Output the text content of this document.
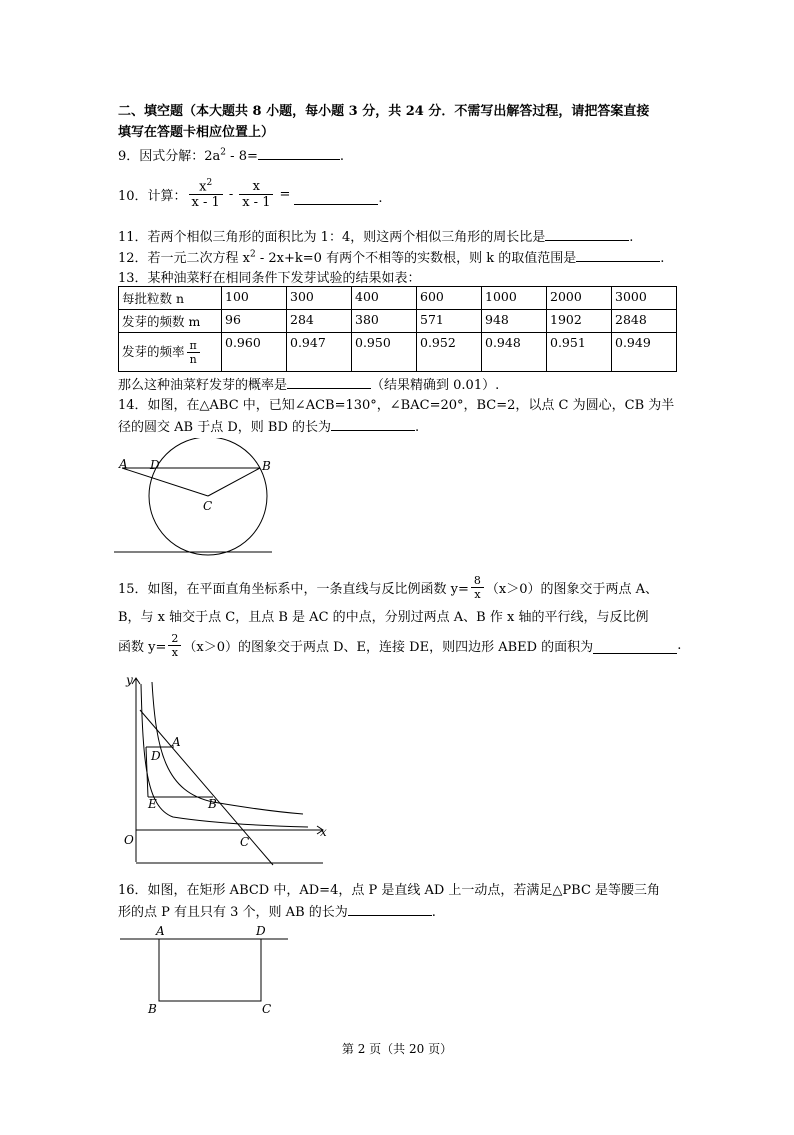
二、填空题（本大题共 8 小题，每小题 3 分，共 24 分．不需写出解答过程，请把答案直接
填写在答题卡相应位置上）
9．因式分解：$2a^2 - 8=$	.
10．计算： $\frac{x^2}{x - 1} - \frac{x}{x - 1}$ =	.
11．若两个相似三角形的面积比为 1：4，则这两个相似三角形的周长比是	.
12．若一元二次方程 $x^2 - 2x+k=0$ 有两个不相等的实数根，则 k 的取值范围是	.
13．某种油菜籽在相同条件下发芽试验的结果如表：
每批粒数 n	100	300	400	600	1000	2000	3000
发芽的频数 m	96	284	380	571	948	1902	2848
发芽的频率 $\frac{\pi}{n}$	0.960	0.947	0.950	0.952	0.948	0.951	0.949
那么这种油菜籽发芽的概率是	（结果精确到 0.01）.
14．如图，在△ABC 中，已知∠ACB=130°，∠BAC=20°，BC=2，以点 C 为圆心，CB 为半
径的圆交 AB 于点 D，则 BD 的长为	.
A D	B
C
15．如图，在平面直角坐标系中，一条直线与反比例函数 $y= \frac{8}{x} (x>0)$的图象交于两点 A、
B，与 x 轴交于点 C，且点 B 是 AC 的中点，分别过两点 A、B 作 x 轴的平行线，与反比例
函数 $y= \frac{2}{x} (x>0)$的图象交于两点 D、E，连接 DE，则四边形 ABED 的面积为	.
y
A
D
E	B
O	C
x
16．如图，在矩形 ABCD 中，AD=4，点 P 是直线 AD 上一动点，若满足△PBC 是等腰三角
形的点 P 有且只有 3 个，则 AB 的长为	.
A	D
B	C
第 2 页（共 20 页）
